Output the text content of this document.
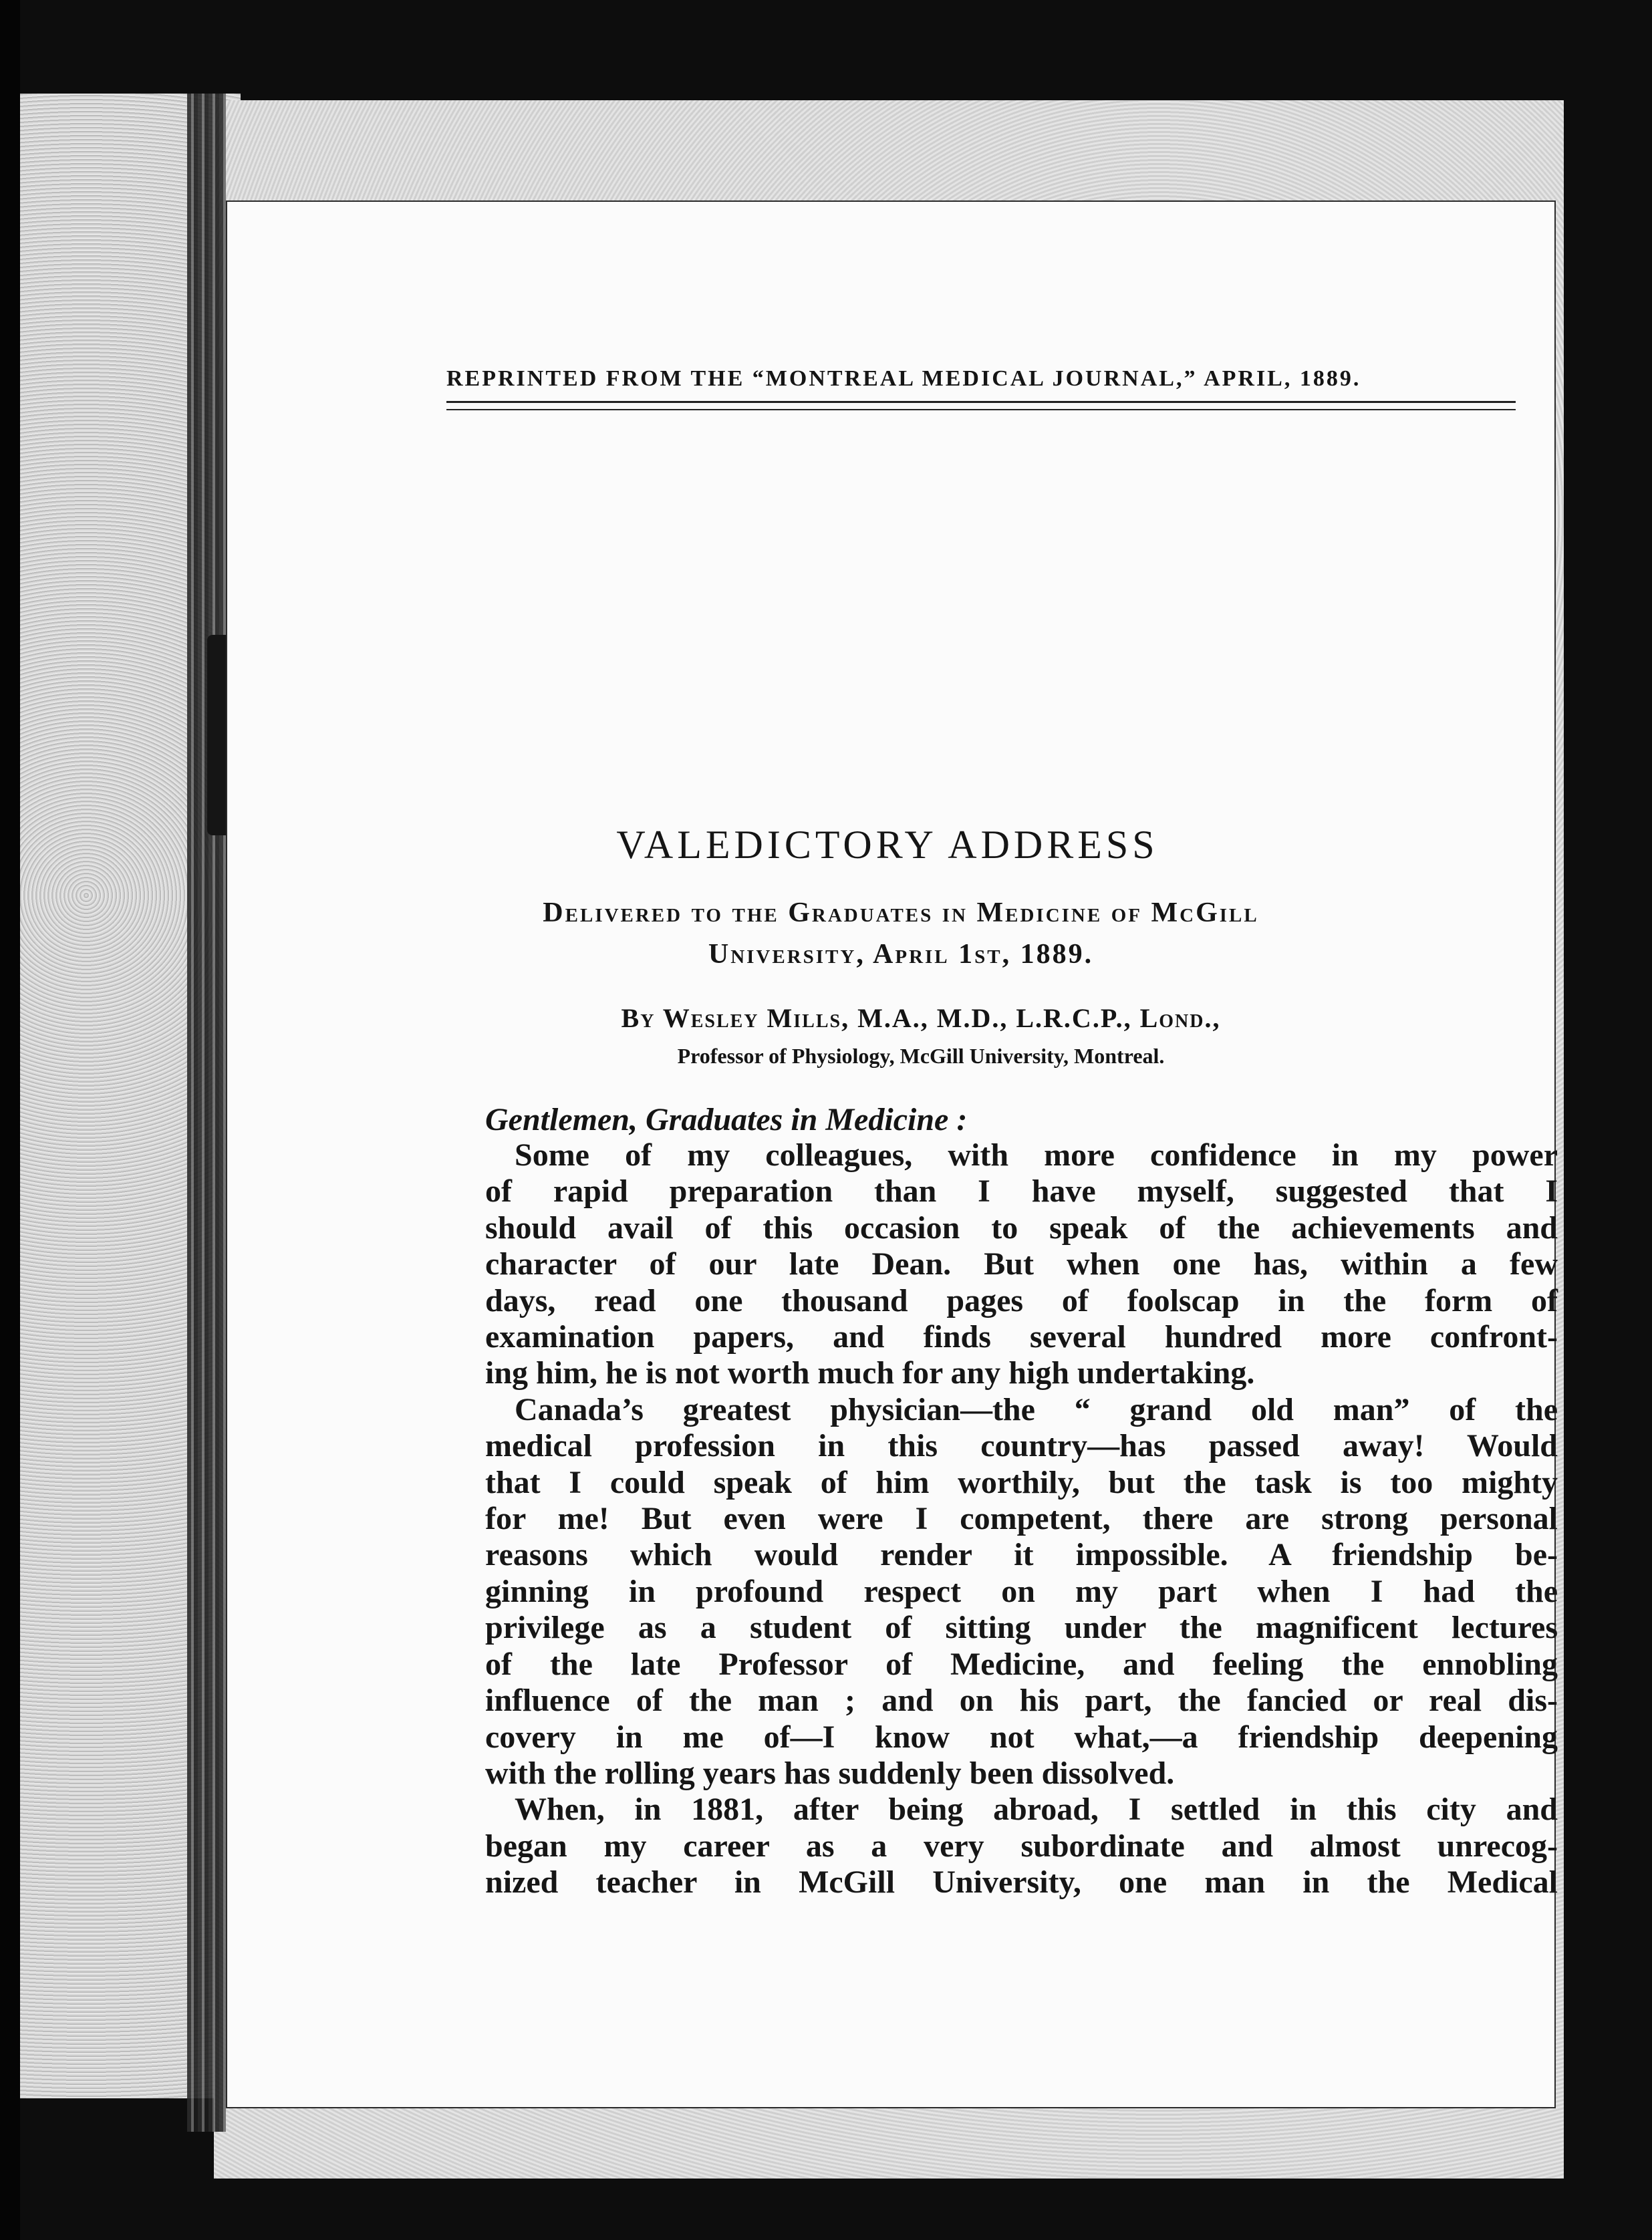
REPRINTED FROM THE “MONTREAL MEDICAL JOURNAL,” APRIL, 1889.
VALEDICTORY ADDRESS
Delivered to the Graduates in Medicine of McGill
University, April 1st, 1889.
By Wesley Mills, M.A., M.D., L.R.C.P., Lond.,
Professor of Physiology, McGill University, Montreal.
Gentlemen, Graduates in Medicine :
Some of my colleagues, with more confidence in my power
of rapid preparation than I have myself, suggested that I
should avail of this occasion to speak of the achievements and
character of our late Dean. But when one has, within a few
days, read one thousand pages of foolscap in the form of
examination papers, and finds several hundred more confront-
ing him, he is not worth much for any high undertaking.
Canada’s greatest physician—the “ grand old man” of the
medical profession in this country—has passed away! Would
that I could speak of him worthily, but the task is too mighty
for me! But even were I competent, there are strong personal
reasons which would render it impossible. A friendship be-
ginning in profound respect on my part when I had the
privilege as a student of sitting under the magnificent lectures
of the late Professor of Medicine, and feeling the ennobling
influence of the man ; and on his part, the fancied or real dis-
covery in me of—I know not what,—a friendship deepening
with the rolling years has suddenly been dissolved.
When, in 1881, after being abroad, I settled in this city and
began my career as a very subordinate and almost unrecog-
nized teacher in McGill University, one man in the Medical
